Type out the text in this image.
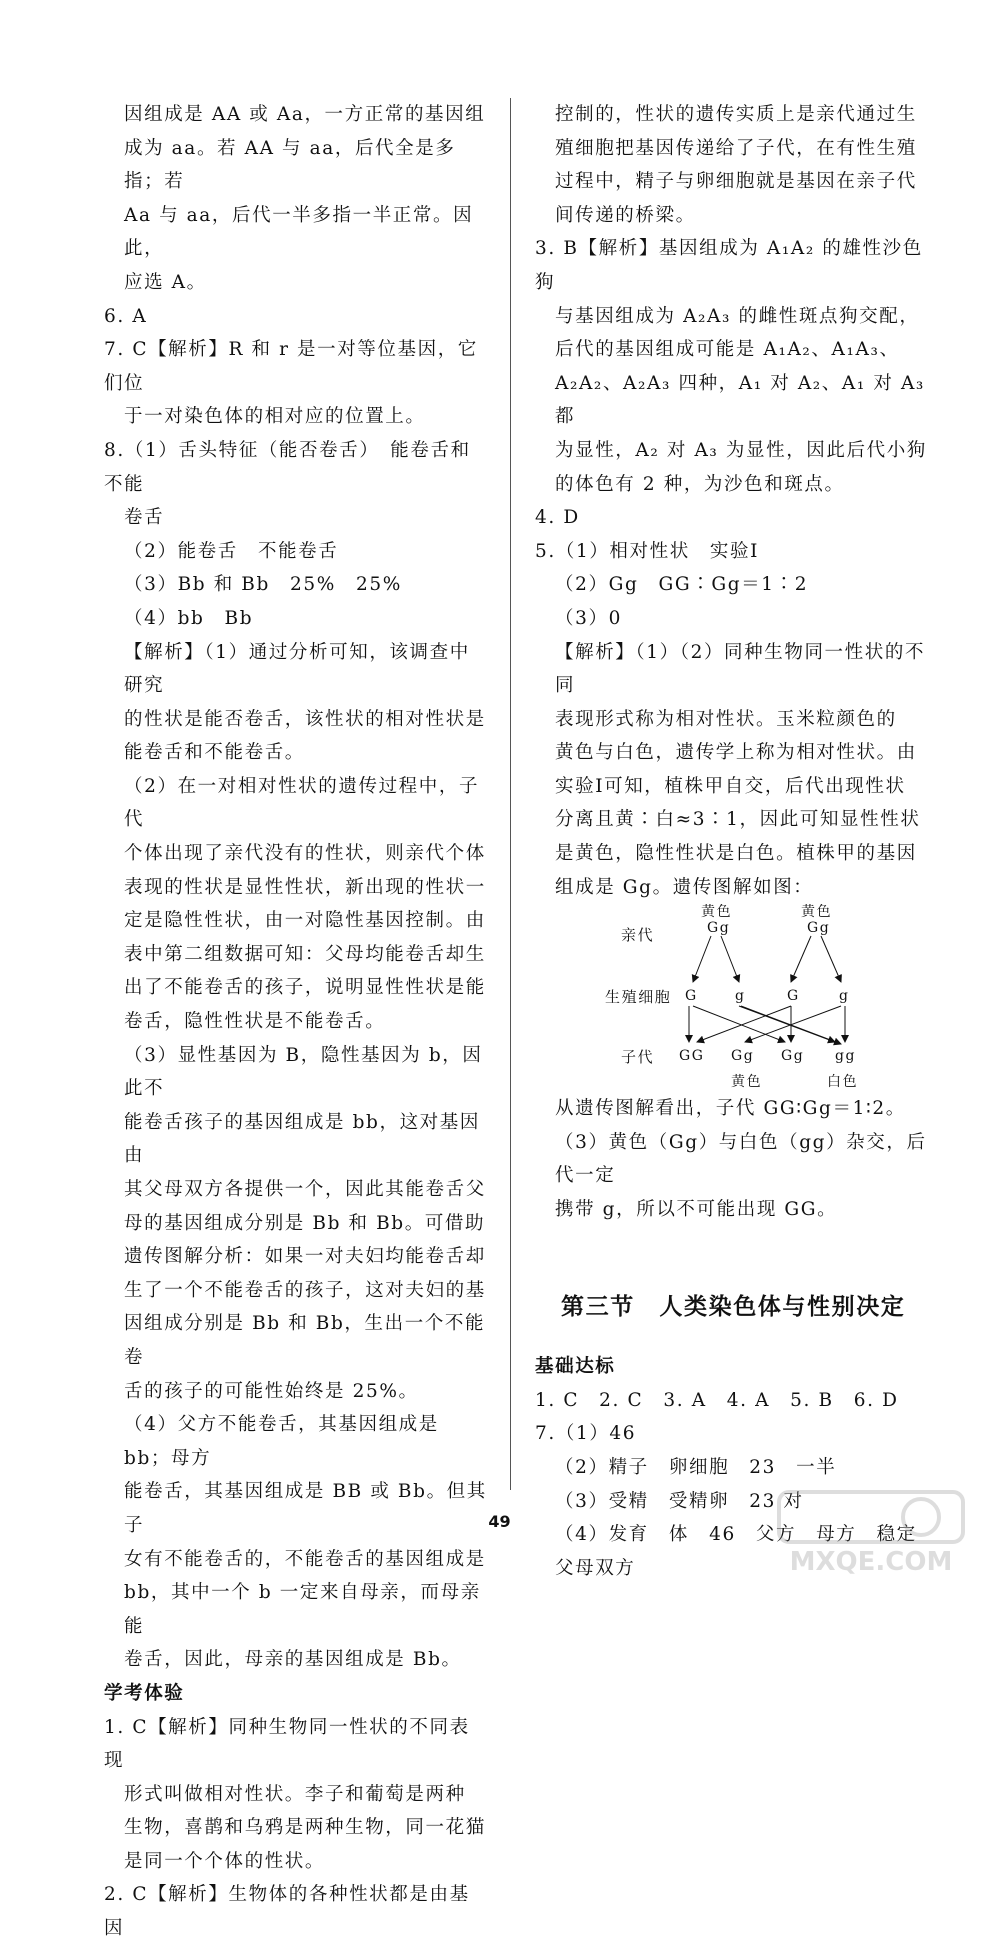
因组成是 AA 或 Aa，一方正常的基因组

成为 aa。若 AA 与 aa，后代全是多指；若

Aa 与 aa，后代一半多指一半正常。因此，

应选 A。

6. A

7. C【解析】R 和 r 是一对等位基因，它们位

于一对染色体的相对应的位置上。

8.（1）舌头特征（能否卷舌）　能卷舌和不能

卷舌

（2）能卷舌　不能卷舌

（3）Bb 和 Bb　25%　25%

（4）bb　Bb

【解析】（1）通过分析可知，该调查中研究

的性状是能否卷舌，该性状的相对性状是

能卷舌和不能卷舌。

（2）在一对相对性状的遗传过程中，子代

个体出现了亲代没有的性状，则亲代个体

表现的性状是显性性状，新出现的性状一

定是隐性性状，由一对隐性基因控制。由

表中第二组数据可知：父母均能卷舌却生

出了不能卷舌的孩子，说明显性性状是能

卷舌，隐性性状是不能卷舌。

（3）显性基因为 B，隐性基因为 b，因此不

能卷舌孩子的基因组成是 bb，这对基因由

其父母双方各提供一个，因此其能卷舌父

母的基因组成分别是 Bb 和 Bb。可借助

遗传图解分析：如果一对夫妇均能卷舌却

生了一个不能卷舌的孩子，这对夫妇的基

因组成分别是 Bb 和 Bb，生出一个不能卷

舌的孩子的可能性始终是 25%。

（4）父方不能卷舌，其基因组成是 bb；母方

能卷舌，其基因组成是 BB 或 Bb。但其子

女有不能卷舌的，不能卷舌的基因组成是

bb，其中一个 b 一定来自母亲，而母亲能

卷舌，因此，母亲的基因组成是 Bb。

学考体验

1. C【解析】同种生物同一性状的不同表现

形式叫做相对性状。李子和葡萄是两种

生物，喜鹊和乌鸦是两种生物，同一花猫

是同一个个体的性状。

2. C【解析】生物体的各种性状都是由基因

控制的，性状的遗传实质上是亲代通过生

殖细胞把基因传递给了子代，在有性生殖

过程中，精子与卵细胞就是基因在亲子代

间传递的桥梁。

3. B【解析】基因组成为 A₁A₂ 的雄性沙色狗

与基因组成为 A₂A₃ 的雌性斑点狗交配，

后代的基因组成可能是 A₁A₂、A₁A₃、

A₂A₂、A₂A₃ 四种，A₁ 对 A₂、A₁ 对 A₃ 都

为显性，A₂ 对 A₃ 为显性，因此后代小狗

的体色有 2 种，为沙色和斑点。

4. D

5.（1）相对性状　实验Ⅰ

（2）Gg　GG∶Gg＝1∶2

（3）0

【解析】（1）（2）同种生物同一性状的不同

表现形式称为相对性状。玉米粒颜色的

黄色与白色，遗传学上称为相对性状。由

实验Ⅰ可知，植株甲自交，后代出现性状

分离且黄∶白≈3∶1，因此可知显性性状

是黄色，隐性性状是白色。植株甲的基因

组成是 Gg。遗传图解如图：

亲代
生殖细胞
子代
黄色
Gg
黄色
Gg
G	g	G	g
GG Gg Gg gg
黄色	白色

从遗传图解看出，子代 GG∶Gg＝1∶2。

（3）黄色（Gg）与白色（gg）杂交，后代一定

携带 g，所以不可能出现 GG。

第三节　人类染色体与性别决定

基础达标

1. C　2. C　3. A　4. A　5. B　6. D

7.（1）46

（2）精子　卵细胞　23　一半

（3）受精　受精卵　23 对

（4）发育　体　46　父方　母方　稳定

父母双方

49
MXQE.COM
